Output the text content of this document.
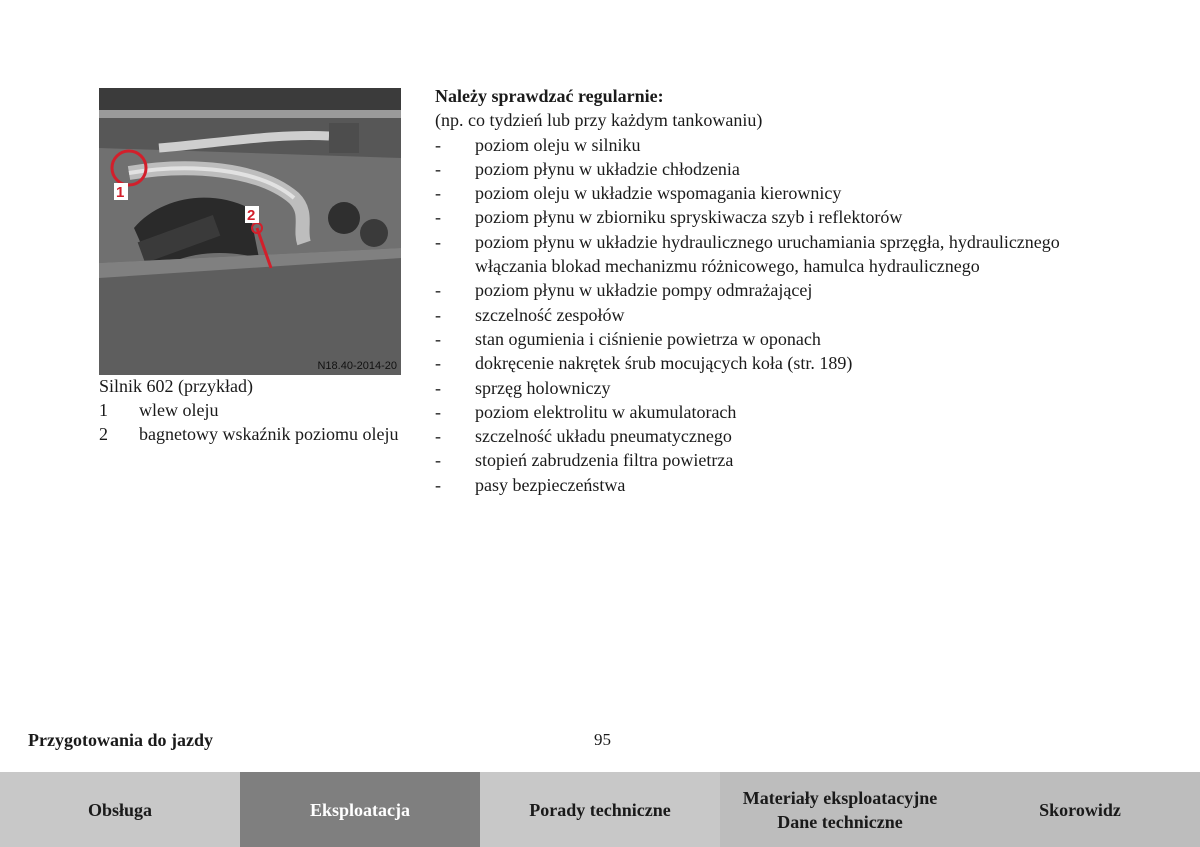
1
2
N18.40-2014-20
Silnik 602 (przykład)
1	wlew oleju
2	bagnetowy wskaźnik poziomu oleju
Należy sprawdzać regularnie:
(np. co tydzień lub przy każdym tankowaniu)
-	poziom oleju w silniku
-	poziom płynu w układzie chłodzenia
-	poziom oleju w układzie wspomagania kierownicy
-	poziom płynu w zbiorniku spryskiwacza szyb i reflektorów
-	poziom płynu w układzie hydraulicznego uruchamiania sprzęgła, hydraulicznego włączania blokad mechanizmu różnicowego, hamulca hydraulicznego
-	poziom płynu w układzie pompy odmrażającej
-	szczelność zespołów
-	stan ogumienia i ciśnienie powietrza w oponach
-	dokręcenie nakrętek śrub mocujących koła (str. 189)
-	sprzęg holowniczy
-	poziom elektrolitu w akumulatorach
-	szczelność układu pneumatycznego
-	stopień zabrudzenia filtra powietrza
-	pasy bezpieczeństwa
Przygotowania do jazdy	95
Obsługa	Eksploatacja	Porady techniczne
Materiały eksploatacyjne
Dane techniczne
Skorowidz
